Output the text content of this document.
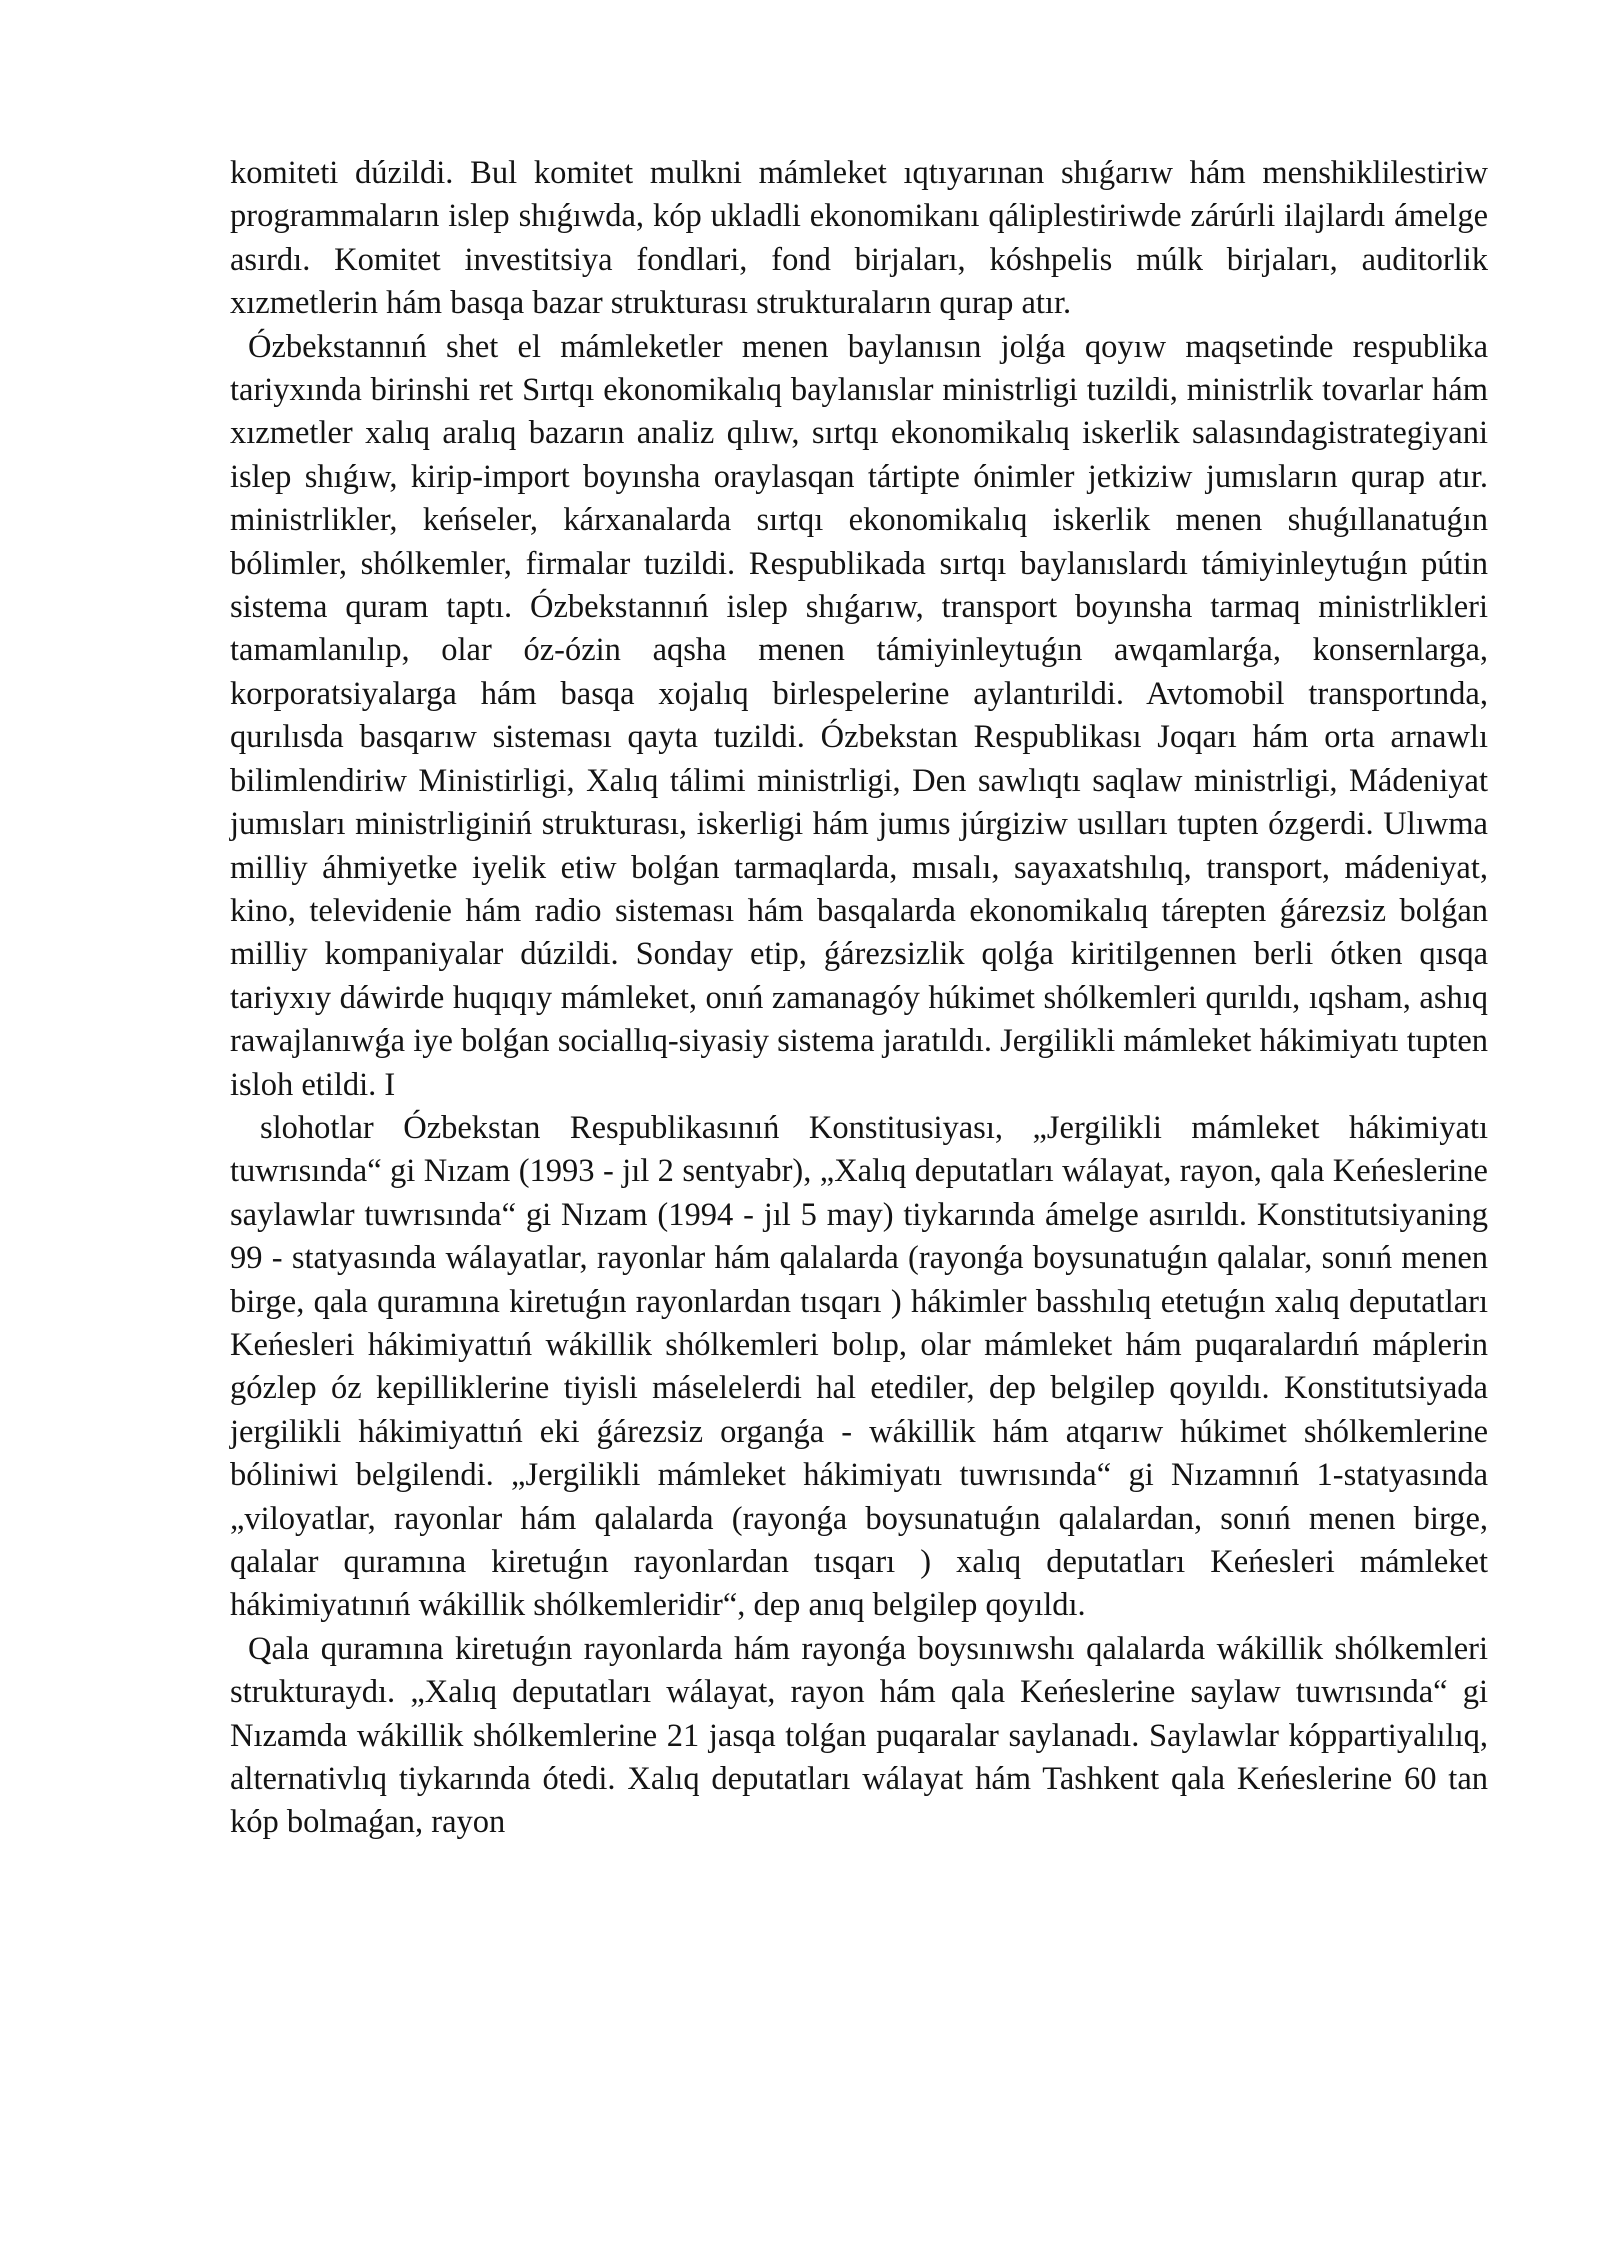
komiteti dúzildi. Bul komitet mulkni mámleket ıqtıyarınan shıǵarıw hám menshiklilestiriw programmaların islep shıǵıwda, kóp ukladli ekonomikanı qáliplestiriwde zárúrli ilajlardı ámelge asırdı. Komitet investitsiya fondlari, fond birjaları, kóshpelis múlk birjaları, auditorlik xızmetlerin hám basqa bazar strukturası strukturaların qurap atır.

Ózbekstannıń shet el mámleketler menen baylanısın jolǵa qoyıw maqsetinde respublika tariyxında birinshi ret Sırtqı ekonomikalıq baylanıslar ministrligi tuzildi, ministrlik tovarlar hám xızmetler xalıq aralıq bazarın analiz qılıw, sırtqı ekonomikalıq iskerlik salasındagistrategiyani islep shıǵıw, kirip-import boyınsha oraylasqan tártipte ónimler jetkiziw jumısların qurap atır. ministrlikler, keńseler, kárxanalarda sırtqı ekonomikalıq iskerlik menen shuǵıllanatuǵın bólimler, shólkemler, firmalar tuzildi. Respublikada sırtqı baylanıslardı támiyinleytuǵın pútin sistema quram taptı. Ózbekstannıń islep shıǵarıw, transport boyınsha tarmaq ministrlikleri tamamlanılıp, olar óz-ózin aqsha menen támiyinleytuǵın awqamlarǵa, konsernlarga, korporatsiyalarga hám basqa xojalıq birlespelerine aylantırildi. Avtomobil transportında, qurılısda basqarıw sisteması qayta tuzildi. Ózbekstan Respublikası Joqarı hám orta arnawlı bilimlendiriw Ministirligi, Xalıq tálimi ministrligi, Den sawlıqtı saqlaw ministrligi, Mádeniyat jumısları ministrliginiń strukturası, iskerligi hám jumıs júrgiziw usılları tupten ózgerdi. Ulıwma milliy áhmiyetke iyelik etiw bolǵan tarmaqlarda, mısalı, sayaxatshılıq, transport, mádeniyat, kino, televidenie hám radio sisteması hám basqalarda ekonomikalıq tárepten ǵárezsiz bolǵan milliy kompaniyalar dúzildi. Sonday etip, ǵárezsizlik qolǵa kiritilgennen berli ótken qısqa tariyxıy dáwirde huqıqıy mámleket, onıń zamanagóy húkimet shólkemleri qurıldı, ıqsham, ashıq rawajlanıwǵa iye bolǵan sociallıq-siyasiy sistema jaratıldı. Jergilikli mámleket hákimiyatı tupten isloh etildi. I

slohotlar Ózbekstan Respublikasınıń Konstitusiyası, „Jergilikli mámleket hákimiyatı tuwrısında“ gi Nızam (1993 - jıl 2 sentyabr), „Xalıq deputatları wálayat, rayon, qala Keńeslerine saylawlar tuwrısında“ gi Nızam (1994 - jıl 5 may) tiykarında ámelge asırıldı. Konstitutsiyaning 99 - statyasında wálayatlar, rayonlar hám qalalarda (rayonǵa boysunatuǵın qalalar, sonıń menen birge, qala quramına kiretuǵın rayonlardan tısqarı ) hákimler basshılıq etetuǵın xalıq deputatları Keńesleri hákimiyattıń wákillik shólkemleri bolıp, olar mámleket hám puqaralardıń máplerin gózlep óz kepilliklerine tiyisli máselelerdi hal etediler, dep belgilep qoyıldı. Konstitutsiyada jergilikli hákimiyattıń eki ǵárezsiz organǵa - wákillik hám atqarıw húkimet shólkemlerine bóliniwi belgilendi. „Jergilikli mámleket hákimiyatı tuwrısında“ gi Nızamnıń 1-statyasında „viloyatlar, rayonlar hám qalalarda (rayonǵa boysunatuǵın qalalardan, sonıń menen birge, qalalar quramına kiretuǵın rayonlardan tısqarı ) xalıq deputatları Keńesleri mámleket hákimiyatınıń wákillik shólkemleridir“, dep anıq belgilep qoyıldı.

Qala quramına kiretuǵın rayonlarda hám rayonǵa boysınıwshı qalalarda wákillik shólkemleri strukturaydı. „Xalıq deputatları wálayat, rayon hám qala Keńeslerine saylaw tuwrısında“ gi Nızamda wákillik shólkemlerine 21 jasqa tolǵan puqaralar saylanadı. Saylawlar kóppartiyalılıq, alternativlıq tiykarında ótedi. Xalıq deputatları wálayat hám Tashkent qala Keńeslerine 60 tan kóp bolmaǵan, rayon
